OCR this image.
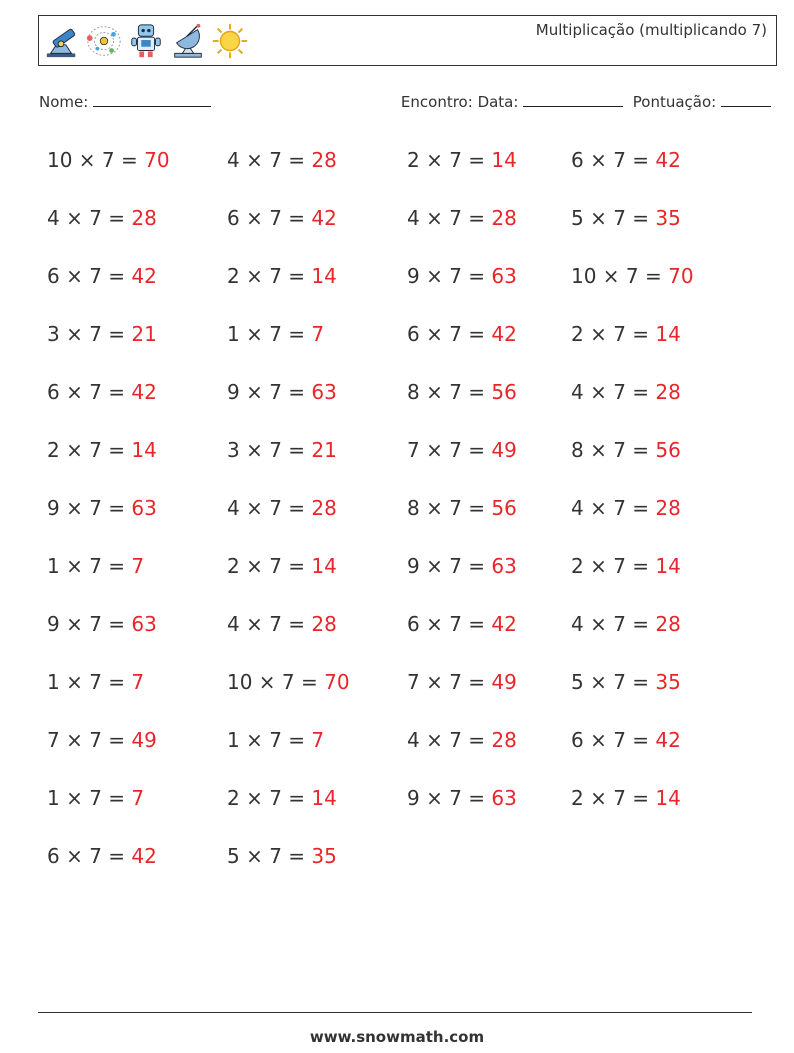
Multiplicação (multiplicando 7)
Nome:	Encontro: Data:	Pontuação:
10 × 7 = 70	4 × 7 = 28	2 × 7 = 14	6 × 7 = 42
4 × 7 = 28	6 × 7 = 42	4 × 7 = 28	5 × 7 = 35
6 × 7 = 42	2 × 7 = 14	9 × 7 = 63	10 × 7 = 70
3 × 7 = 21	1 × 7 = 7	6 × 7 = 42	2 × 7 = 14
6 × 7 = 42	9 × 7 = 63	8 × 7 = 56	4 × 7 = 28
2 × 7 = 14	3 × 7 = 21	7 × 7 = 49	8 × 7 = 56
9 × 7 = 63	4 × 7 = 28	8 × 7 = 56	4 × 7 = 28
1 × 7 = 7	2 × 7 = 14	9 × 7 = 63	2 × 7 = 14
9 × 7 = 63	4 × 7 = 28	6 × 7 = 42	4 × 7 = 28
1 × 7 = 7	10 × 7 = 70	7 × 7 = 49	5 × 7 = 35
7 × 7 = 49	1 × 7 = 7	4 × 7 = 28	6 × 7 = 42
1 × 7 = 7	2 × 7 = 14	9 × 7 = 63	2 × 7 = 14
6 × 7 = 42	5 × 7 = 35
www.snowmath.com
